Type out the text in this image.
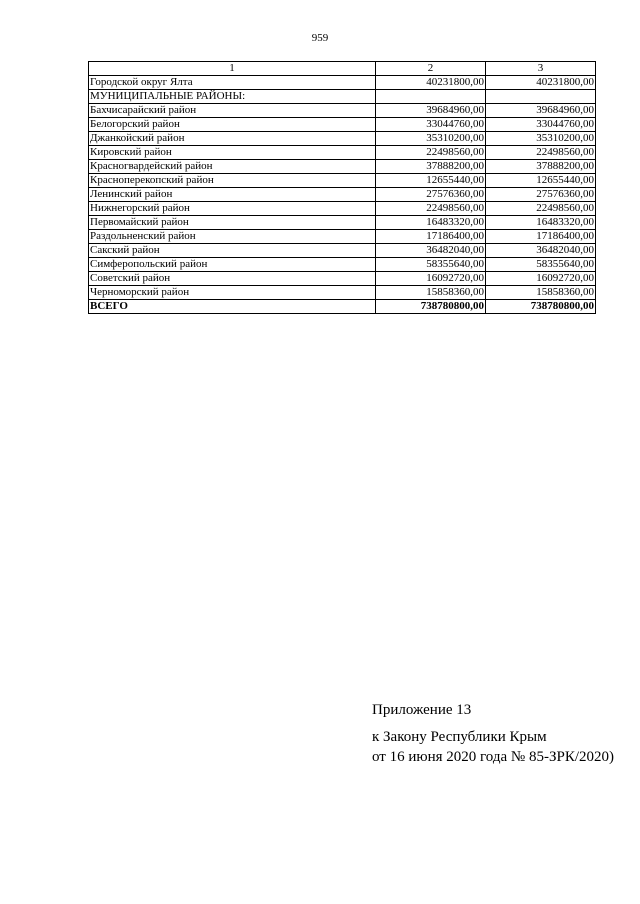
959
1	2	3
Городской округ Ялта	40231800,00	40231800,00
МУНИЦИПАЛЬНЫЕ РАЙОНЫ:		
Бахчисарайский район	39684960,00	39684960,00
Белогорский район	33044760,00	33044760,00
Джанкойский район	35310200,00	35310200,00
Кировский район	22498560,00	22498560,00
Красногвардейский район	37888200,00	37888200,00
Красноперекопский район	12655440,00	12655440,00
Ленинский район	27576360,00	27576360,00
Нижнегорский район	22498560,00	22498560,00
Первомайский район	16483320,00	16483320,00
Раздольненский район	17186400,00	17186400,00
Сакский район	36482040,00	36482040,00
Симферопольский район	58355640,00	58355640,00
Советский район	16092720,00	16092720,00
Черноморский район	15858360,00	15858360,00
ВСЕГО	738780800,00	738780800,00
Приложение 13
к Закону Республики Крым
от 16 июня 2020 года № 85-ЗРК/2020)
